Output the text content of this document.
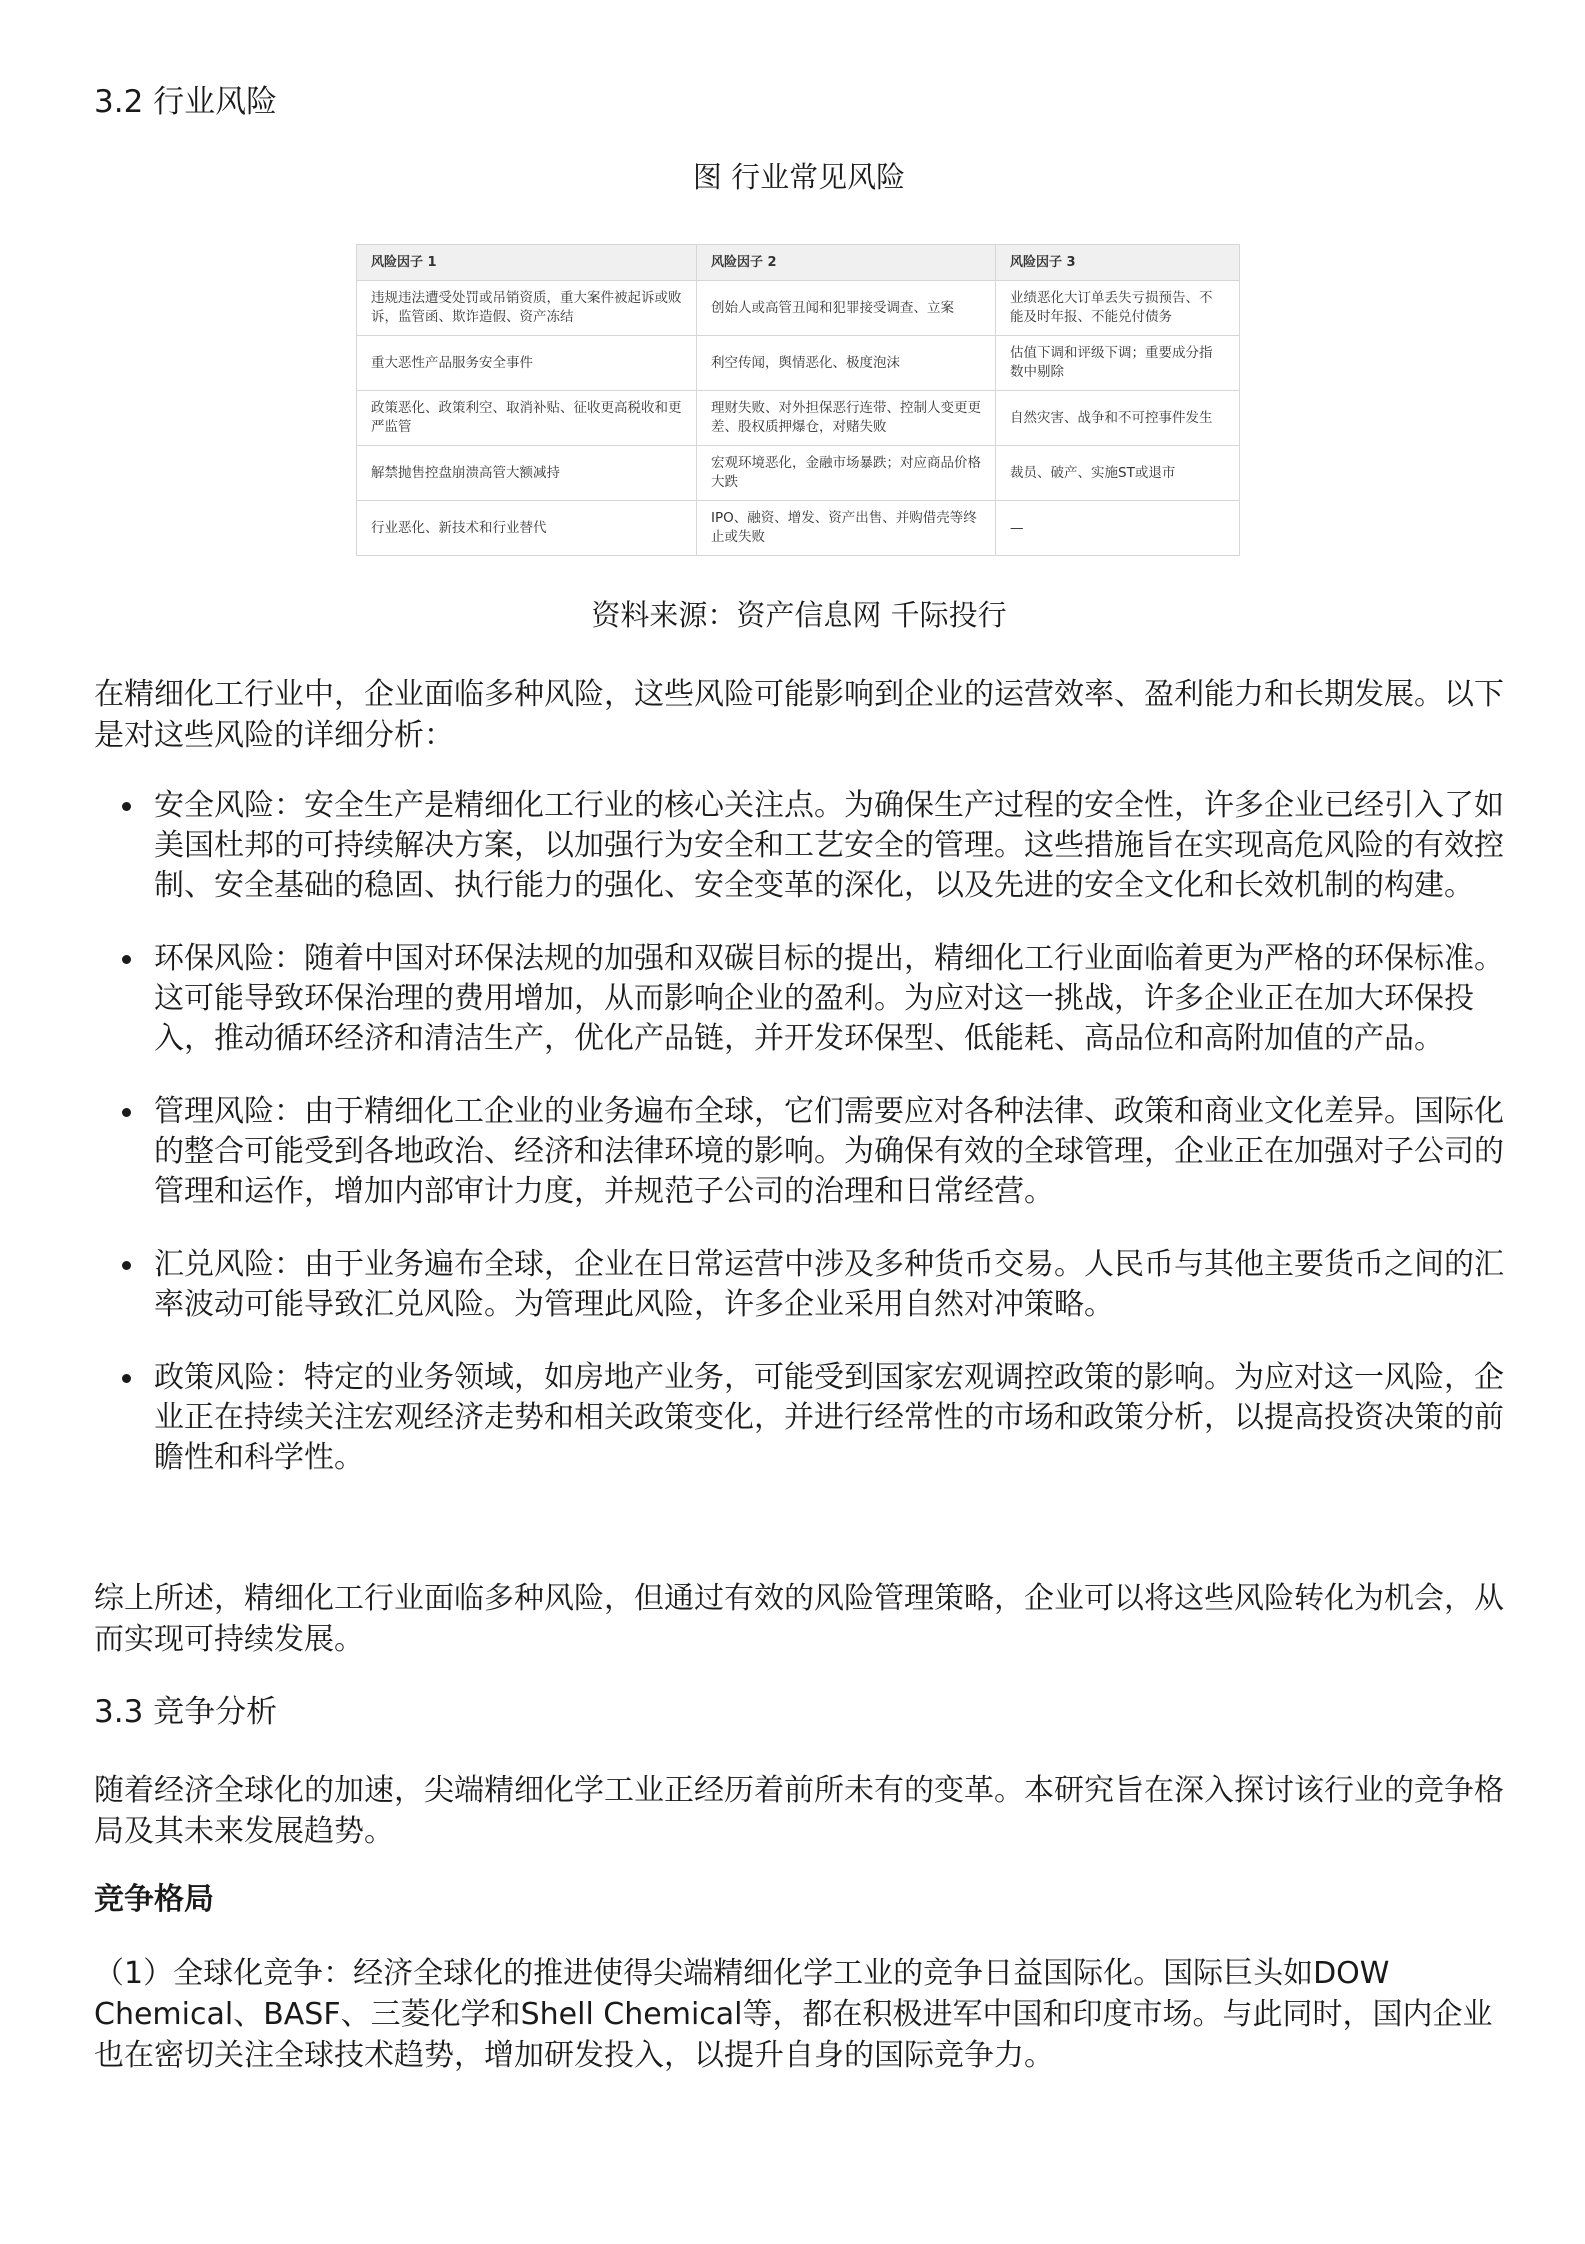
3.2 行业风险
图 行业常见风险
风险因子 1	风险因子 2	风险因子 3
违规违法遭受处罚或吊销资质，重大案件被起诉或败诉，监管函、欺诈造假、资产冻结	创始人或高管丑闻和犯罪接受调查、立案	业绩恶化大订单丢失亏损预告、不能及时年报、不能兑付债务
重大恶性产品服务安全事件	利空传闻，舆情恶化、极度泡沫	估值下调和评级下调；重要成分指数中剔除
政策恶化、政策利空、取消补贴、征收更高税收和更严监管	理财失败、对外担保恶行连带、控制人变更更差、股权质押爆仓，对赌失败	自然灾害、战争和不可控事件发生
解禁抛售控盘崩溃高管大额减持	宏观环境恶化，金融市场暴跌；对应商品价格大跌	裁员、破产、实施ST或退市
行业恶化、新技术和行业替代	IPO、融资、增发、资产出售、并购借壳等终止或失败	—
资料来源：资产信息网 千际投行

在精细化工行业中，企业面临多种风险，这些风险可能影响到企业的运营效率、盈利能力和长期发展。以下是对这些风险的详细分析：

安全风险：安全生产是精细化工行业的核心关注点。为确保生产过程的安全性，许多企业已经引入了如美国杜邦的可持续解决方案，以加强行为安全和工艺安全的管理。这些措施旨在实现高危风险的有效控制、安全基础的稳固、执行能力的强化、安全变革的深化，以及先进的安全文化和长效机制的构建。
环保风险：随着中国对环保法规的加强和双碳目标的提出，精细化工行业面临着更为严格的环保标准。这可能导致环保治理的费用增加，从而影响企业的盈利。为应对这一挑战，许多企业正在加大环保投入，推动循环经济和清洁生产，优化产品链，并开发环保型、低能耗、高品位和高附加值的产品。
管理风险：由于精细化工企业的业务遍布全球，它们需要应对各种法律、政策和商业文化差异。国际化的整合可能受到各地政治、经济和法律环境的影响。为确保有效的全球管理，企业正在加强对子公司的管理和运作，增加内部审计力度，并规范子公司的治理和日常经营。
汇兑风险：由于业务遍布全球，企业在日常运营中涉及多种货币交易。人民币与其他主要货币之间的汇率波动可能导致汇兑风险。为管理此风险，许多企业采用自然对冲策略。
政策风险：特定的业务领域，如房地产业务，可能受到国家宏观调控政策的影响。为应对这一风险，企业正在持续关注宏观经济走势和相关政策变化，并进行经常性的市场和政策分析，以提高投资决策的前瞻性和科学性。

综上所述，精细化工行业面临多种风险，但通过有效的风险管理策略，企业可以将这些风险转化为机会，从而实现可持续发展。

3.3 竞争分析

随着经济全球化的加速，尖端精细化学工业正经历着前所未有的变革。本研究旨在深入探讨该行业的竞争格局及其未来发展趋势。

竞争格局

（1）全球化竞争：经济全球化的推进使得尖端精细化学工业的竞争日益国际化。国际巨头如DOW Chemical、BASF、三菱化学和Shell Chemical等，都在积极进军中国和印度市场。与此同时，国内企业也在密切关注全球技术趋势，增加研发投入，以提升自身的国际竞争力。
